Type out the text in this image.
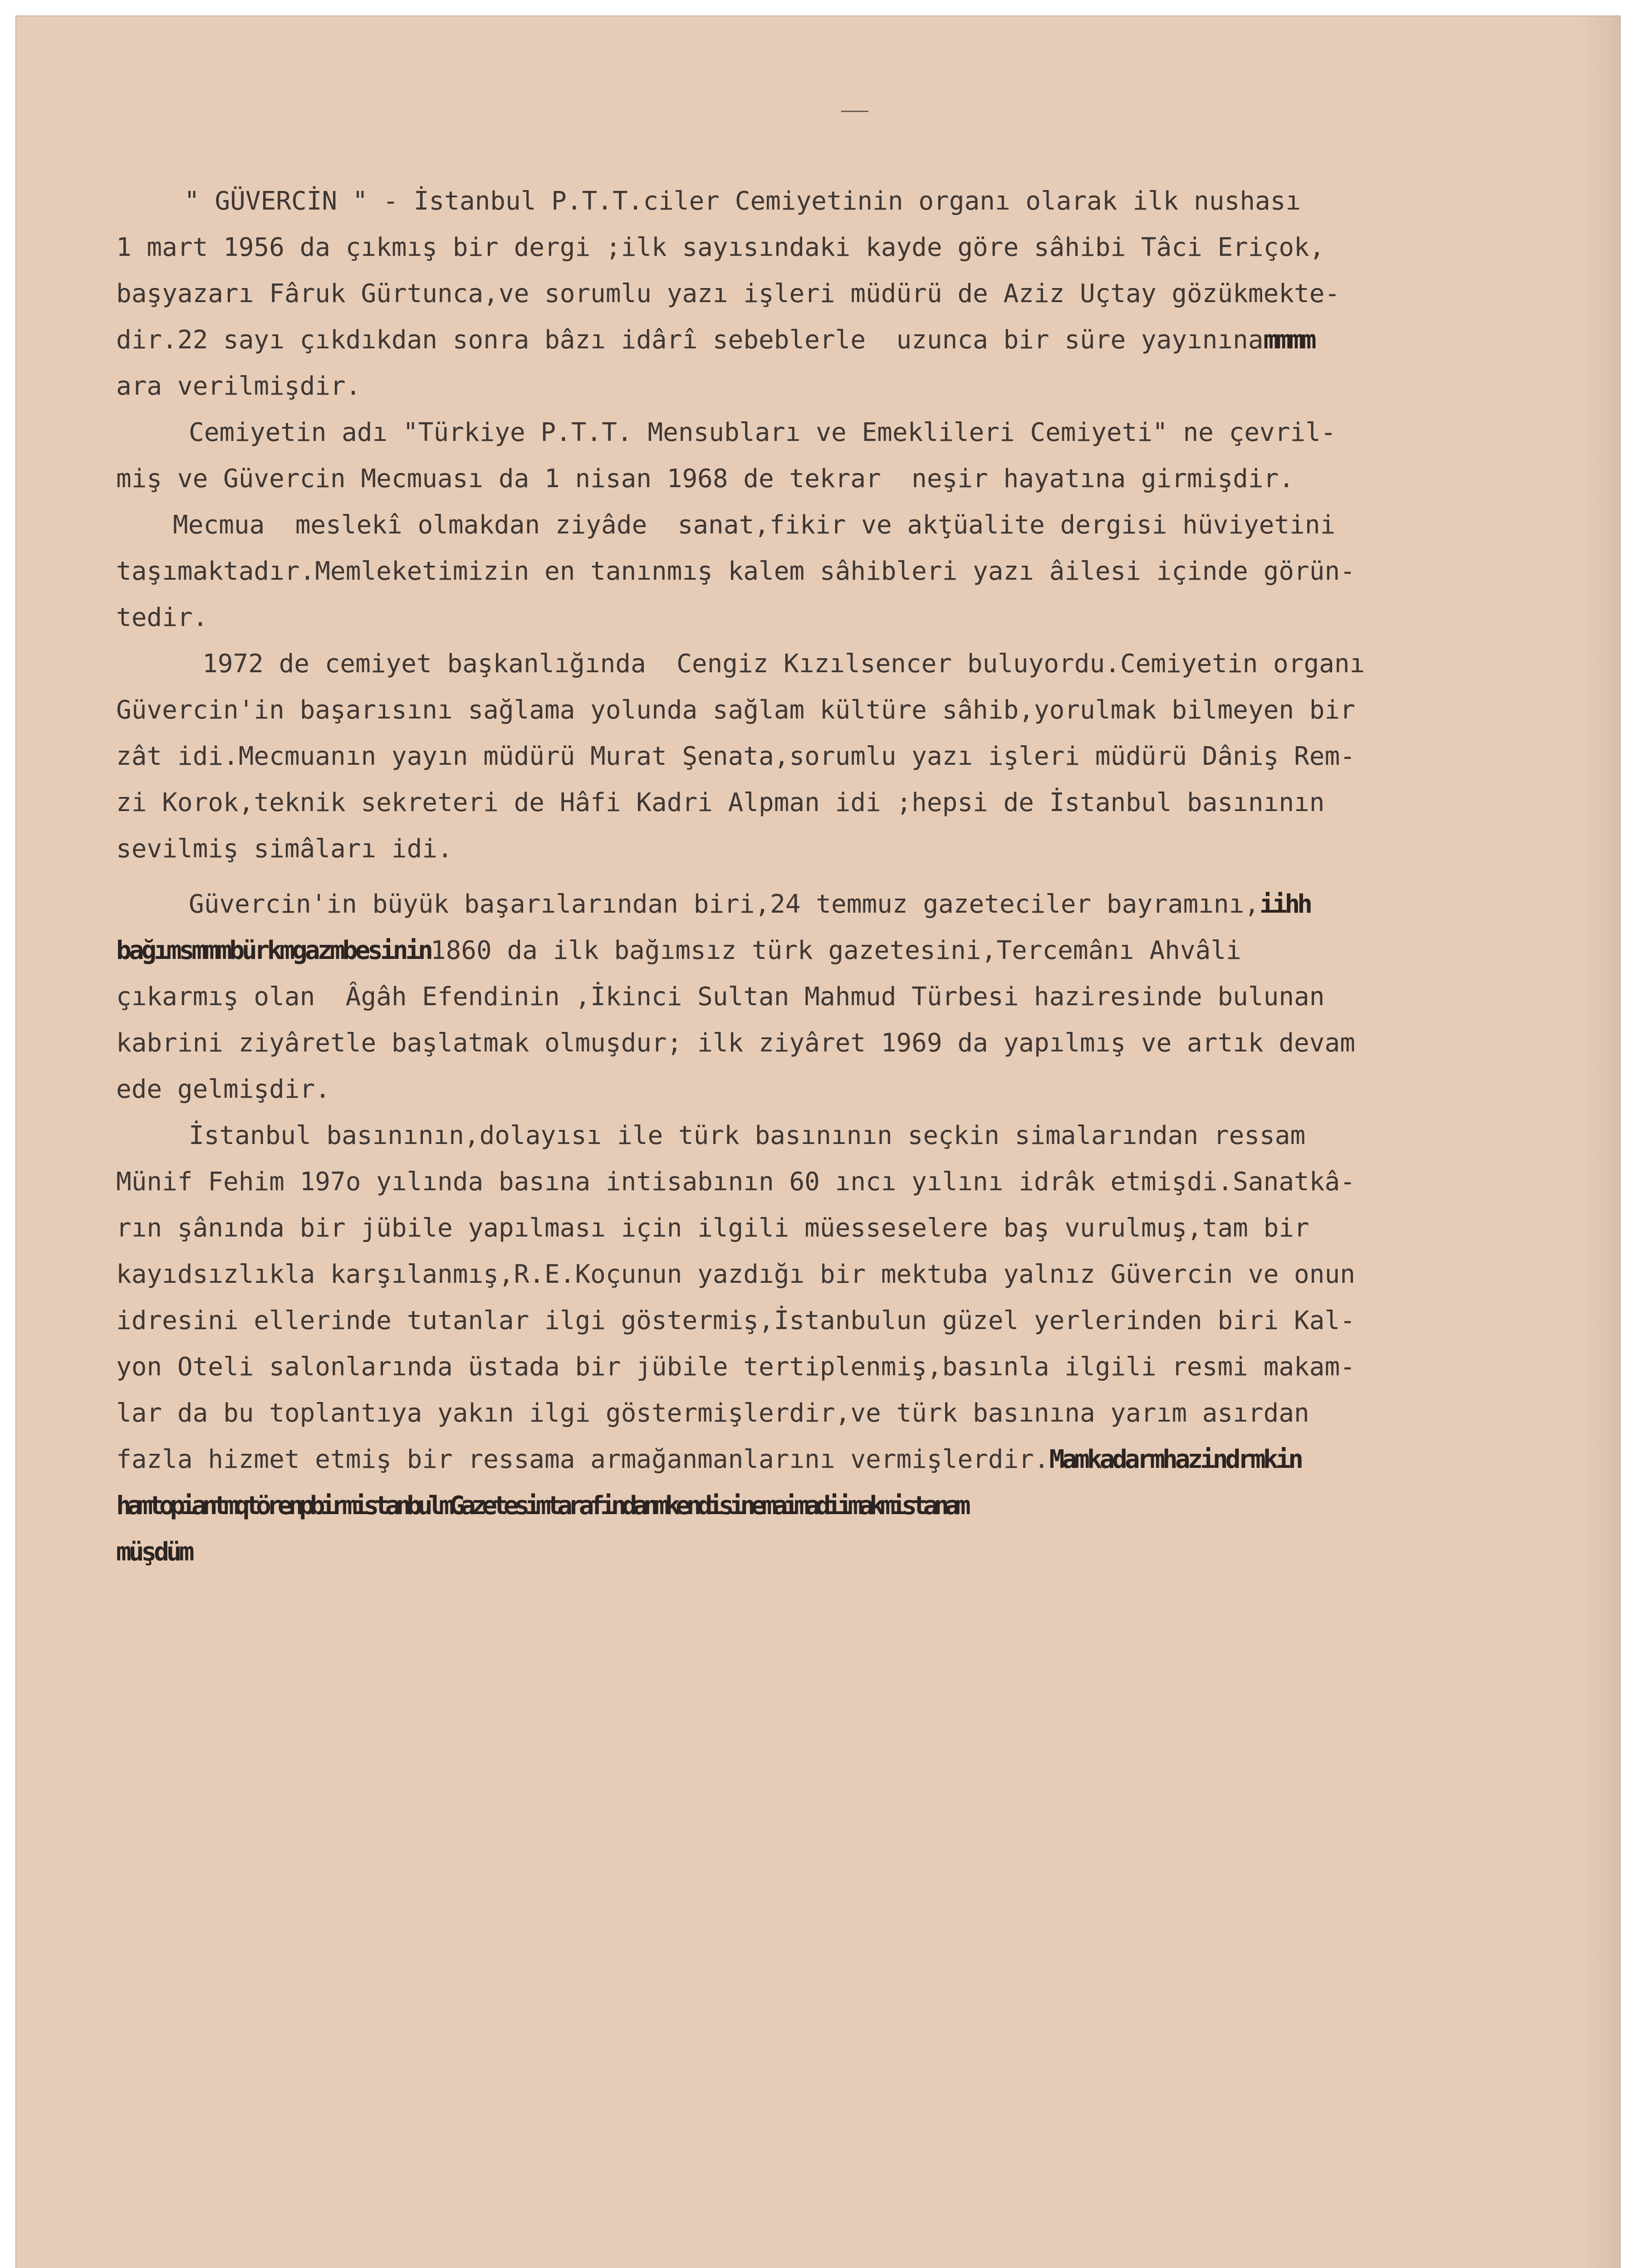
" GÜVERCİN " - İstanbul P.T.T.ciler Cemiyetinin organı olarak ilk nushası
1 mart 1956 da çıkmış bir dergi ;ilk sayısındaki kayde göre sâhibi Tâci Eriçok,
başyazarı Fâruk Gürtunca,ve sorumlu yazı işleri müdürü de Aziz Uçtay gözükmekte-
dir.22 sayı çıkdıkdan sonra bâzı idârî sebeblerle  uzunca bir süre yayınınammmm
ara verilmişdir.
Cemiyetin adı "Türkiye P.T.T. Mensubları ve Emeklileri Cemiyeti" ne çevril-
miş ve Güvercin Mecmuası da 1 nisan 1968 de tekrar  neşir hayatına girmişdir.
Mecmua  meslekî olmakdan ziyâde  sanat,fikir ve akţüalite dergisi hüviyetini
taşımaktadır.Memleketimizin en tanınmış kalem sâhibleri yazı âilesi içinde görün-
tedir.
1972 de cemiyet başkanlığında  Cengiz Kızılsencer buluyordu.Cemiyetin organı
Güvercin'in başarısını sağlama yolunda sağlam kültüre sâhib,yorulmak bilmeyen bir
zât idi.Mecmuanın yayın müdürü Murat Şenata,sorumlu yazı işleri müdürü Dâniş Rem-
zi Korok,teknik sekreteri de Hâfi Kadri Alpman idi ;hepsi de İstanbul basınının
sevilmiş simâları idi.
Güvercin'in büyük başarılarından biri,24 temmuz gazeteciler bayramını,iihh
bağımsmmmbürkmgazmbesinin1860 da ilk bağımsız türk gazetesini,Tercemânı Ahvâli
çıkarmış olan  Âgâh Efendinin ,İkinci Sultan Mahmud Türbesi haziresinde bulunan
kabrini ziyâretle başlatmak olmuşdur; ilk ziyâret 1969 da yapılmış ve artık devam
ede gelmişdir.
İstanbul basınının,dolayısı ile türk basınının seçkin simalarından ressam
Münif Fehim 197o yılında basına intisabının 60 ıncı yılını idrâk etmişdi.Sanatkâ-
rın şânında bir jübile yapılması için ilgili müesseselere baş vurulmuş,tam bir
kayıdsızlıkla karşılanmış,R.E.Koçunun yazdığı bir mektuba yalnız Güvercin ve onun
idresini ellerinde tutanlar ilgi göstermiş,İstanbulun güzel yerlerinden biri Kal-
yon Oteli salonlarında üstada bir jübile tertiplenmiş,basınla ilgili resmi makam-
lar da bu toplantıya yakın ilgi göstermişlerdir,ve türk basınına yarım asırdan
fazla hizmet etmiş bir ressama armağanmanlarını vermişlerdir.Mamkadarmhazindrmkin
hamtopiantmqtörenpbirmistanbulmGazetesimtarafindanmkendisinemaimadiimakmistanam
müşdüm
